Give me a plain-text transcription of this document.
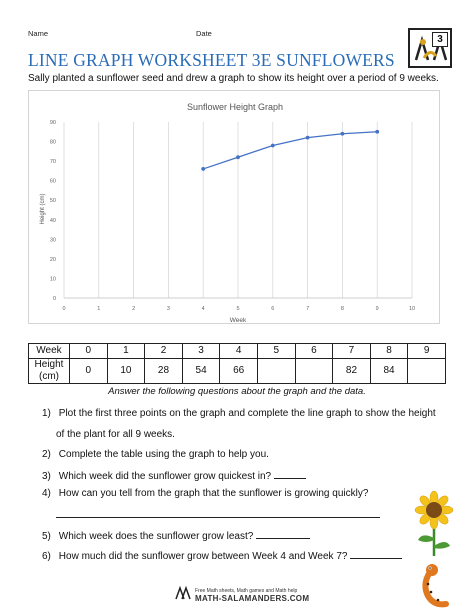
Name	Date
LINE GRAPH WORKSHEET 3E SUNFLOWERS
3
Sally planted a sunflower seed and drew a graph to show its height over a period of 9 weeks.
Sunflower Height Graph
Height (cm)
Week
0	1	2	3	4	5	6	7	8	9	10
0
10
20
30
40
50
60
70
80
90
Week	0	1	2	3	4	5	6	7	8	9

Height
(cm)	0	10	28	54	66			82	84	
Answer the following questions about the graph and the data.
1) Plot the first three points on the graph and complete the line graph to show the height
of the plant for all 9 weeks.
2) Complete the table using the graph to help you.
3) Which week did the sunflower grow quickest in?
4) How can you tell from the graph that the sunflower is growing quickly?
5) Which week does the sunflower grow least?
6) How much did the sunflower grow between Week 4 and Week 7?
Free Math sheets, Math games and Math help
MATH-SALAMANDERS.COM
